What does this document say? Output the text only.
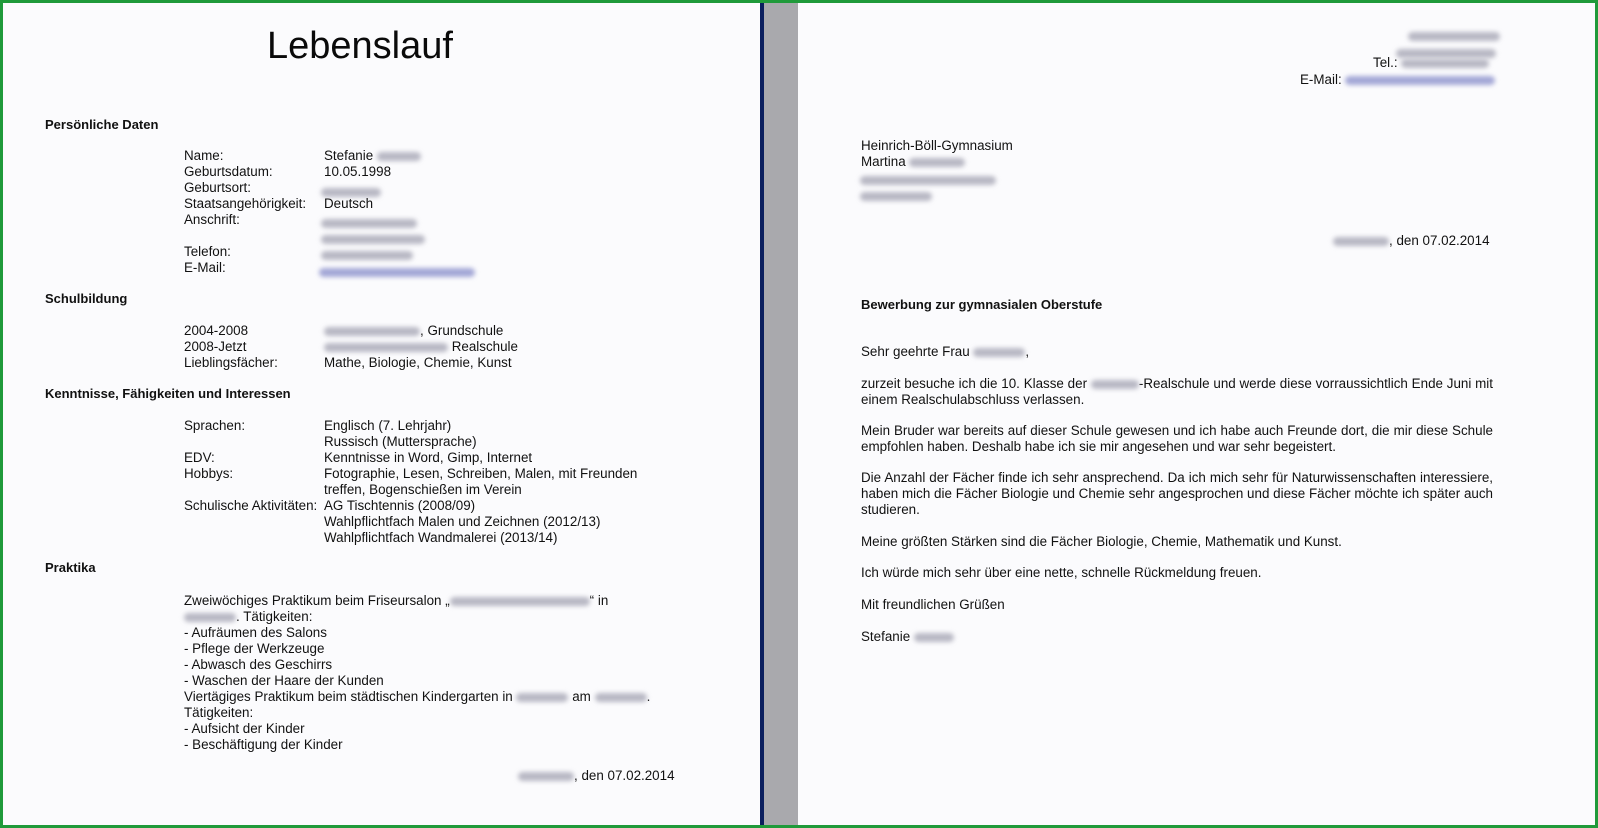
Lebenslauf
Persönliche Daten
Name:	Stefanie
Geburtsdatum:	10.05.1998
Geburtsort:
Staatsangehörigkeit: Deutsch
Anschrift:
Telefon:
E-Mail:
Schulbildung
2004-2008	, Grundschule
2008-Jetzt	Realschule
Lieblingsfächer:	Mathe, Biologie, Chemie, Kunst
Kenntnisse, Fähigkeiten und Interessen
Sprachen:	Englisch (7. Lehrjahr)
Russisch (Muttersprache)
EDV:	Kenntnisse in Word, Gimp, Internet
Hobbys:	Fotographie, Lesen, Schreiben, Malen, mit Freunden
treffen, Bogenschießen im Verein
Schulische Aktivitäten: AG Tischtennis (2008/09)
Wahlpflichtfach Malen und Zeichnen (2012/13)
Wahlpflichtfach Wandmalerei (2013/14)
Praktika
Zweiwöchiges Praktikum beim Friseursalon „	“ in
. Tätigkeiten:
- Aufräumen des Salons
- Pflege der Werkzeuge
- Abwasch des Geschirrs
- Waschen der Haare der Kunden
Viertägiges Praktikum beim städtischen Kindergarten in	am	.
Tätigkeiten:
- Aufsicht der Kinder
- Beschäftigung der Kinder
, den 07.02.2014
Tel.:
E-Mail:
Heinrich-Böll-Gymnasium
Martina
, den 07.02.2014
Bewerbung zur gymnasialen Oberstufe
Sehr geehrte Frau	,
zurzeit besuche ich die 10. Klasse der	-Realschule und werde diese vorraussichtlich Ende Juni mit einem Realschulabschluss verlassen.
Mein Bruder war bereits auf dieser Schule gewesen und ich habe auch Freunde dort, die mir diese Schule empfohlen haben. Deshalb habe ich sie mir angesehen und war sehr begeistert.
Die Anzahl der Fächer finde ich sehr ansprechend. Da ich mich sehr für Naturwissenschaften interessiere, haben mich die Fächer Biologie und Chemie sehr angesprochen und diese Fächer möchte ich später auch studieren.
Meine größten Stärken sind die Fächer Biologie, Chemie, Mathematik und Kunst.
Ich würde mich sehr über eine nette, schnelle Rückmeldung freuen.
Mit freundlichen Grüßen
Stefanie
